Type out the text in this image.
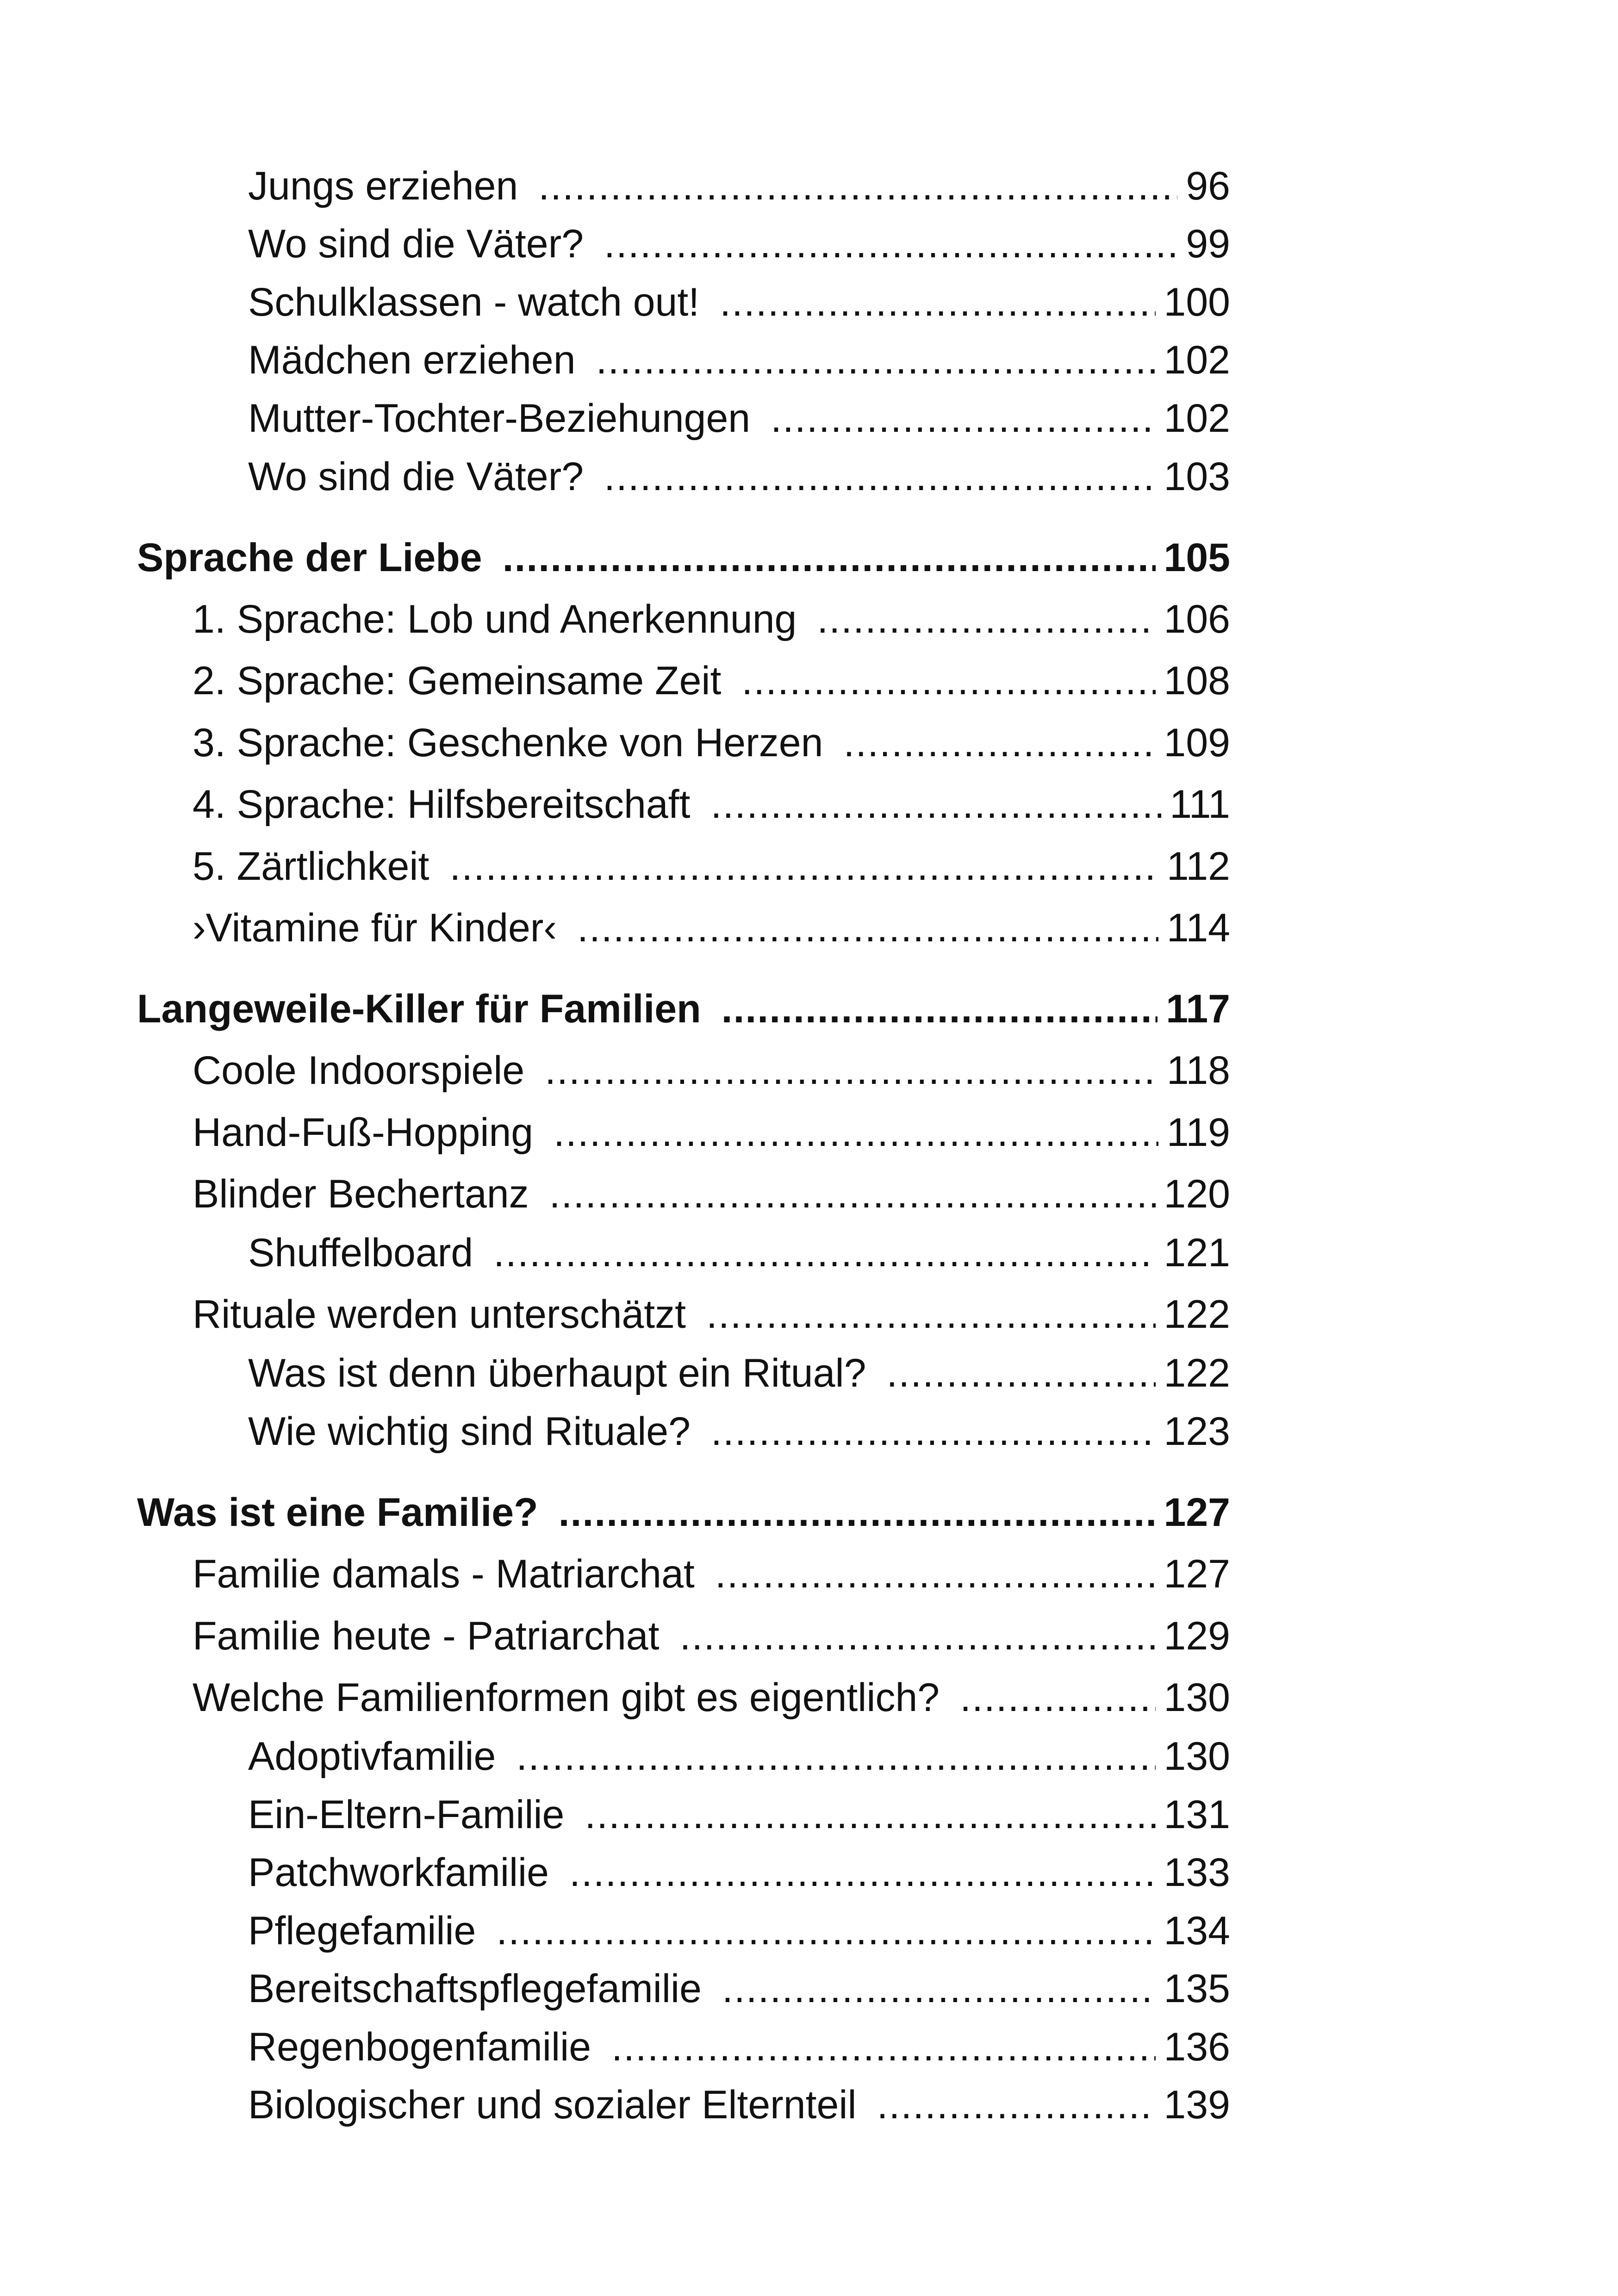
Jungs erziehen .....	96
Wo sind die Väter? .....	99
Schulklassen - watch out! .....	100
Mädchen erziehen .....	102
Mutter-Tochter-Beziehungen .....	102
Wo sind die Väter? .....	103
Sprache der Liebe .....	105
1. Sprache: Lob und Anerkennung .....	106
2. Sprache: Gemeinsame Zeit .....	108
3. Sprache: Geschenke von Herzen .....	109
4. Sprache: Hilfsbereitschaft .....	111
5. Zärtlichkeit .....	112
›Vitamine für Kinder‹ .....	114
Langeweile-Killer für Familien .....	117
Coole Indoorspiele .....	118
Hand-Fuß-Hopping .....	119
Blinder Bechertanz .....	120
Shuffelboard .....	121
Rituale werden unterschätzt .....	122
Was ist denn überhaupt ein Ritual? .....	122
Wie wichtig sind Rituale? .....	123
Was ist eine Familie? .....	127
Familie damals - Matriarchat .....	127
Familie heute - Patriarchat .....	129
Welche Familienformen gibt es eigentlich? .....	130
Adoptivfamilie .....	130
Ein-Eltern-Familie .....	131
Patchworkfamilie .....	133
Pflegefamilie .....	134
Bereitschaftspflegefamilie .....	135
Regenbogenfamilie .....	136
Biologischer und sozialer Elternteil .....	139
